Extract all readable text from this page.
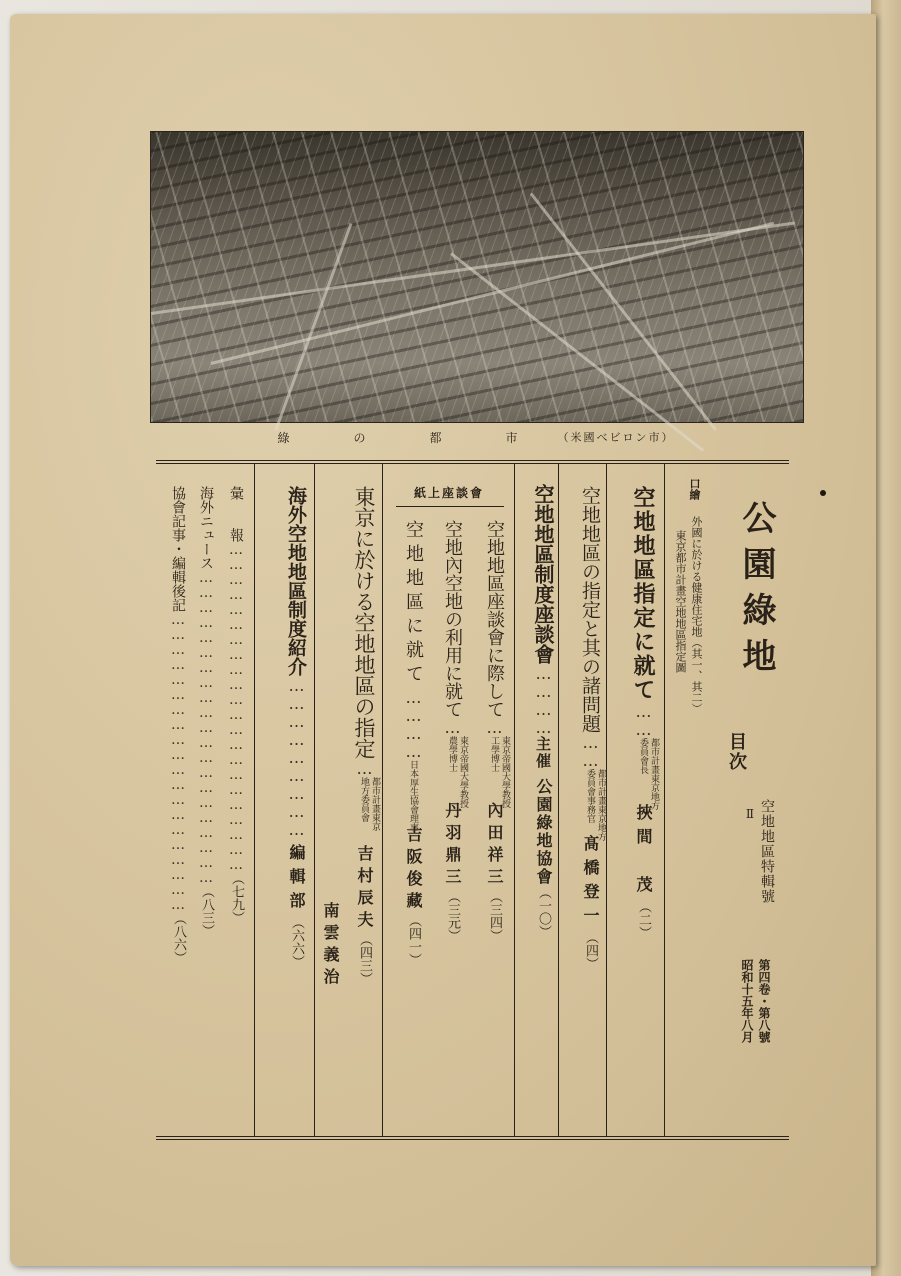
綠　の　都　市 （米國べビロン市）
公園綠地
目次
空地地區特輯號
Ⅱ
第四卷・第八號
昭和十五年八月
口繪
外國に於ける健康住宅地（其一、其二）
東京都市計畫空地地區指定圖
空地地區指定に就て……都市計畫東京地方
委員會長挾間　茂（二）
空地地區の指定と其の諸問題……都市計畫東京地方
委員會事務官髙橋登一（四）
空地地區制度座談會…………主催公園綠地協會（一〇）
紙上座談會
空地地區座談會に際して…東京帝國大學教授
工學博士內田祥三（三四）
空地內空地の利用に就て…東京帝國大學教授
農學博士丹羽鼎三（三元）
空地地區に就て…………日本厚生協會理事吉阪俊藏（四一）
東京に於ける空地地區の指定…都市計畫東京
地方委員會吉村辰夫（四三）
南雲義治
海外空地地區制度紹介………………………編輯部（六六）
彙　　報…………………………………………………………（七九）
海外ニュース………………………………………………………（八三）
協會記事・編輯後記……………………………………………………（八六）
